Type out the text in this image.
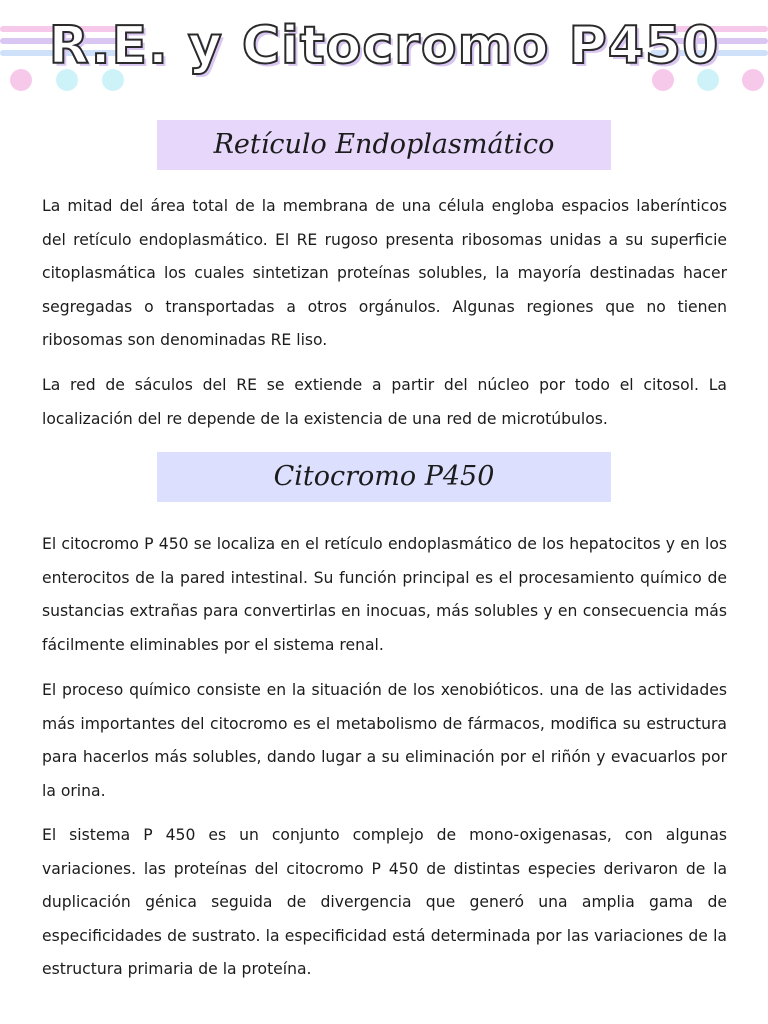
R.E. y Citocromo P450
Retículo Endoplasmático

La mitad del área total de la membrana de una célula engloba espacios laberínticos del retículo endoplasmático. El RE rugoso presenta ribosomas unidas a su superficie citoplasmática los cuales sintetizan proteínas solubles, la mayoría destinadas hacer segregadas o transportadas a otros orgánulos. Algunas regiones que no tienen ribosomas son denominadas RE liso.

La red de sáculos del RE se extiende a partir del núcleo por todo el citosol. La localización del re depende de la existencia de una red de microtúbulos.

Citocromo P450

El citocromo P 450 se localiza en el retículo endoplasmático de los hepatocitos y en los enterocitos de la pared intestinal. Su función principal es el procesamiento químico de sustancias extrañas para convertirlas en inocuas, más solubles y en consecuencia más fácilmente eliminables por el sistema renal.

El proceso químico consiste en la situación de los xenobióticos. una de las actividades más importantes del citocromo es el metabolismo de fármacos, modifica su estructura para hacerlos más solubles, dando lugar a su eliminación por el riñón y evacuarlos por la orina.

El sistema P 450 es un conjunto complejo de mono-oxigenasas, con algunas variaciones. las proteínas del citocromo P 450 de distintas especies derivaron de la duplicación génica seguida de divergencia que generó una amplia gama de especificidades de sustrato. la especificidad está determinada por las variaciones de la estructura primaria de la proteína.
